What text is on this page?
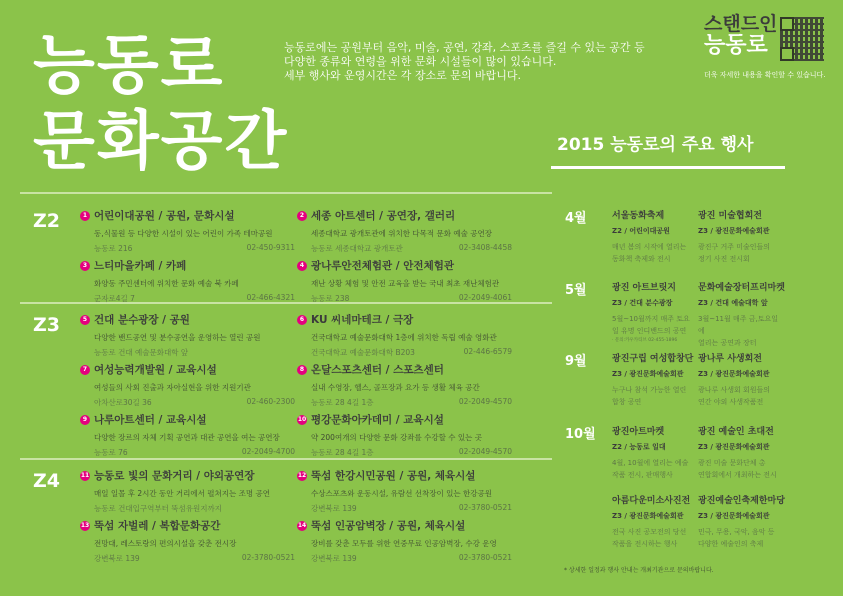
능동로
문화공간
능동로에는 공원부터 음악, 미술, 공연, 강좌, 스포츠를 즐길 수 있는 공간 등
다양한 종류와 연령을 위한 문화 시설들이 많이 있습니다.
세부 행사와 운영시간은 각 장소로 문의 바랍니다.
스탠드인
능동로
더욱 자세한 내용을 확인할 수 있습니다.
2015 능동로의 주요 행사
Z2	1 어린이대공원 / 공원, 문화시설
동,식물원 등 다양한 시설이 있는 어린이 가족 테마공원
능동로 216	02-450-9311
2 세종 아트센터 / 공연장, 갤러리
세종대학교 광개토관에 위치한 다목적 문화 예술 공연장
능동로 세종대학교 광개토관	02-3408-4458
3 느티마을카페 / 카페
화양동 주민센터에 위치한 문화 예술 북 카페
군자로4길 7	02-466-4321
4 광나루안전체험관 / 안전체험관
재난 상황 체험 및 안전 교육을 받는 국내 최초 재난체험관
능동로 238	02-2049-4061
Z3	5 건대 분수광장 / 공원
다양한 밴드공연 및 분수공연을 운영하는 열린 공원
능동로 건대 예술문화대학 앞
6 KU 씨네마테크 / 극장
건국대학교 예술문화대학 1층에 위치한 독립 예술 영화관
건국대학교 예술문화대학 B203	02-446-6579
7 여성능력개발원 / 교육시설
여성들의 사회 진출과 자아실현을 위한 지원기관
아차산로30길 36	02-460-2300
8 온달스포츠센터 / 스포츠센터
실내 수영장, 헬스, 골프장과 요가 등 생활 체육 공간
능동로 28 4길 1층	02-2049-4570
9 나루아트센터 / 교육시설
다양한 장르의 자체 기획 공연과 대관 공연을 여는 공연장
능동로 76	02-2049-4700
10 평강문화아카데미 / 교육시설
약 200여개의 다양한 문화 강좌를 수강할 수 있는 곳
능동로 28 4길 1층	02-2049-4570
Z4	11 능동로 빛의 문화거리 / 야외공연장
매일 일몰 후 2시간 동안 거리에서 펼쳐지는 조명 공연
능동로 건대입구역부터 뚝섬유원지까지
12 뚝섬 한강시민공원 / 공원, 체육시설
수상스포츠와 운동시설, 유람선 선착장이 있는 한강공원
강변북로 139	02-3780-0521
13 뚝섬 자벌레 / 복합문화공간
전망대, 레스토랑의 편의시설을 갖춘 전시장
강변북로 139	02-3780-0521
14 뚝섬 인공암벽장 / 공원, 체육시설
장비를 갖춘 모두를 위한 연중무료 인공암벽장, 수강 운영
강변북로 139	02-3780-0521
4월	서울동화축제
Z2 / 어린이대공원
매년 봄의 시작에 열리는
동화책 축제와 전시
광진 미술협회전
Z3 / 광진문화예술회관
광진구 거주 미술인들의
정기 사진 전시회
5월	광진 아트브릿지
Z3 / 건대 분수광장
5월~10월까지 매주 토요
일 유명 인디밴드의 공연
· 문의:카우카티브 02-455-1896
문화예술장터프리마켓
Z3 / 건대 예술대학 앞
3월~11월 매주 금,토요일에
열리는 공연과 장터
9월	광진구립 여성합창단
Z3 / 광진문화예술회관
누구나 참석 가능한 열린
합창 공연
광나루 사생회전
Z3 / 광진문화예술회관
광나루 사생회 회원들의
연간 야외 사생작품전
10월 광진아트마켓
Z2 / 능동로 일대
4월, 10월에 열리는 예술
작품 전시, 판매행사
광진 예술인 초대전
Z3 / 광진문화예술회관
광진 미술 문화단체 총
연합회에서 개최하는 전시
아름다운미소사진전
Z3 / 광진문화예술회관
전국 사진 공모전의 당선
작품을 전시하는 행사
광진예술인축제한마당
Z3 / 광진문화예술회관
민극, 무용, 국악, 음악 등
다양한 예술인의 축제
* 상세한 일정과 행사 안내는 개최기관으로 문의바랍니다.
